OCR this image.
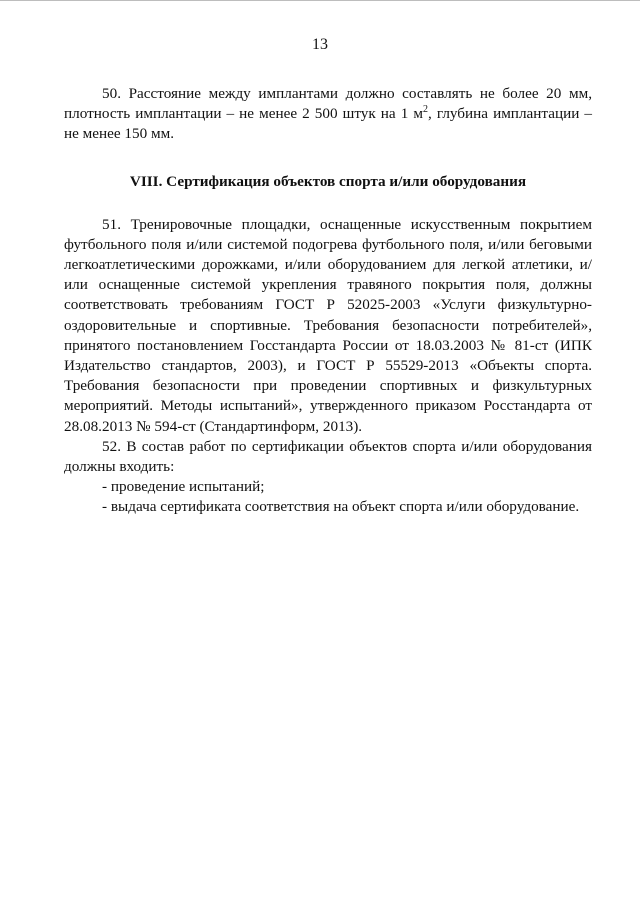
13

50. Расстояние между имплантами должно составлять не более 20 мм, плотность имплантации – не менее 2 500 штук на 1 $м^2$, глубина имплантации – не менее 150 мм.

VIII. Сертификация объектов спорта и/или оборудования

51. Тренировочные площадки, оснащенные искусственным покрытием футбольного поля и/или системой подогрева футбольного поля, и/или беговыми легкоатлетическими дорожками, и/или оборудованием для легкой атлетики, и/или оснащенные системой укрепления травяного покрытия поля, должны соответствовать требованиям ГОСТ Р 52025-2003 «Услуги физкультурно-оздоровительные и спортивные. Требования безопасности потребителей», принятого постановлением Госстандарта России от 18.03.2003 № 81-ст (ИПК Издательство стандартов, 2003), и ГОСТ Р 55529-2013 «Объекты спорта. Требования безопасности при проведении спортивных и физкультурных мероприятий. Методы испытаний», утвержденного приказом Росстандарта от 28.08.2013 № 594-ст (Стандартинформ, 2013).

52. В состав работ по сертификации объектов спорта и/или оборудования должны входить:

- проведение испытаний;

- выдача сертификата соответствия на объект спорта и/или оборудование.
